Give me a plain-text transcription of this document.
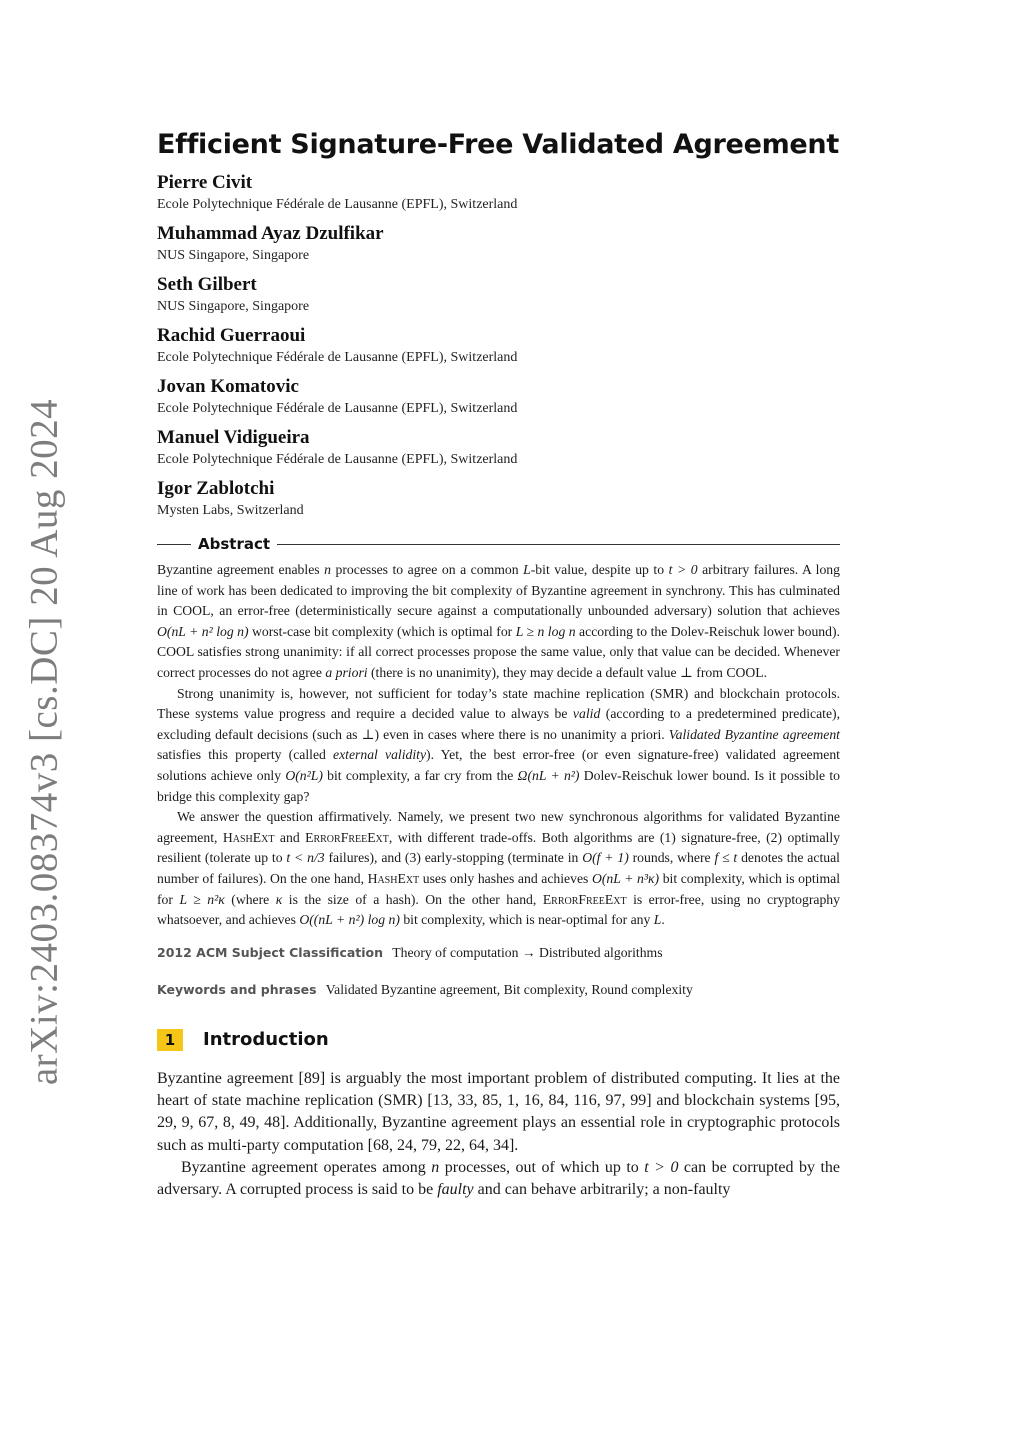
arXiv:2403.08374v3 [cs.DC] 20 Aug 2024
Efficient Signature-Free Validated Agreement
Pierre Civit
Ecole Polytechnique Fédérale de Lausanne (EPFL), Switzerland
Muhammad Ayaz Dzulfikar
NUS Singapore, Singapore
Seth Gilbert
NUS Singapore, Singapore
Rachid Guerraoui
Ecole Polytechnique Fédérale de Lausanne (EPFL), Switzerland
Jovan Komatovic
Ecole Polytechnique Fédérale de Lausanne (EPFL), Switzerland
Manuel Vidigueira
Ecole Polytechnique Fédérale de Lausanne (EPFL), Switzerland
Igor Zablotchi
Mysten Labs, Switzerland
Abstract

Byzantine agreement enables n processes to agree on a common L-bit value, despite up to t > 0 arbitrary failures. A long line of work has been dedicated to improving the bit complexity of Byzantine agreement in synchrony. This has culminated in COOL, an error-free (deterministically secure against a computationally unbounded adversary) solution that achieves O(nL + n² log n) worst-case bit complexity (which is optimal for L ≥ n log n according to the Dolev-Reischuk lower bound). COOL satisfies strong unanimity: if all correct processes propose the same value, only that value can be decided. Whenever correct processes do not agree a priori (there is no unanimity), they may decide a default value ⊥ from COOL.

Strong unanimity is, however, not sufficient for today’s state machine replication (SMR) and blockchain protocols. These systems value progress and require a decided value to always be valid (according to a predetermined predicate), excluding default decisions (such as ⊥) even in cases where there is no unanimity a priori. Validated Byzantine agreement satisfies this property (called external validity). Yet, the best error-free (or even signature-free) validated agreement solutions achieve only O(n²L) bit complexity, a far cry from the Ω(nL + n²) Dolev-Reischuk lower bound. Is it possible to bridge this complexity gap?

We answer the question affirmatively. Namely, we present two new synchronous algorithms for validated Byzantine agreement, HashExt and ErrorFreeExt, with different trade-offs. Both algorithms are (1) signature-free, (2) optimally resilient (tolerate up to t < n/3 failures), and (3) early-stopping (terminate in O(f + 1) rounds, where f ≤ t denotes the actual number of failures). On the one hand, HashExt uses only hashes and achieves O(nL + n³κ) bit complexity, which is optimal for L ≥ n²κ (where κ is the size of a hash). On the other hand, ErrorFreeExt is error-free, using no cryptography whatsoever, and achieves O((nL + n²) log n) bit complexity, which is near-optimal for any L.

2012 ACM Subject Classification Theory of computation → Distributed algorithms
Keywords and phrases Validated Byzantine agreement, Bit complexity, Round complexity
1	Introduction

Byzantine agreement [89] is arguably the most important problem of distributed computing. It lies at the heart of state machine replication (SMR) [13, 33, 85, 1, 16, 84, 116, 97, 99] and blockchain systems [95, 29, 9, 67, 8, 49, 48]. Additionally, Byzantine agreement plays an essential role in cryptographic protocols such as multi-party computation [68, 24, 79, 22, 64, 34].

Byzantine agreement operates among n processes, out of which up to t > 0 can be corrupted by the adversary. A corrupted process is said to be faulty and can behave arbitrarily; a non-faulty
